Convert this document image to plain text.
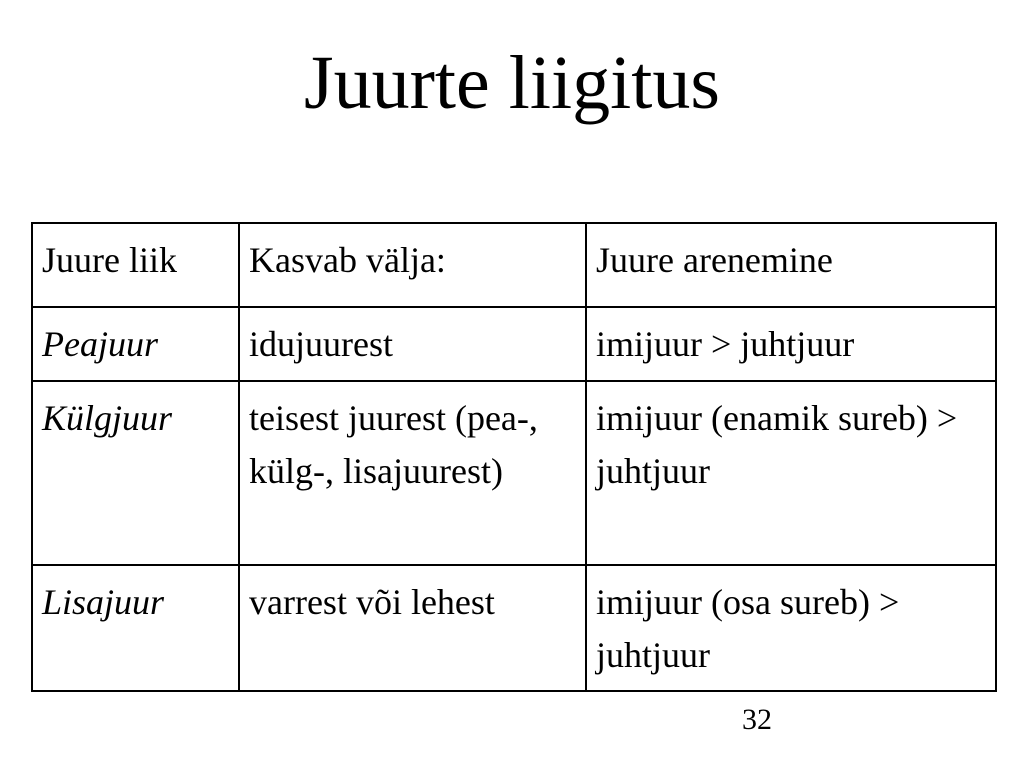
Juurte liigitus
Juure liik	Kasvab välja:	Juure arenemine
Peajuur	idujuurest	imijuur > juhtjuur
Külgjuur	teisest juurest (pea-, külg-, lisajuurest)	imijuur (enamik sureb) > juhtjuur
Lisajuur	varrest või lehest	imijuur (osa sureb) > juhtjuur
32
